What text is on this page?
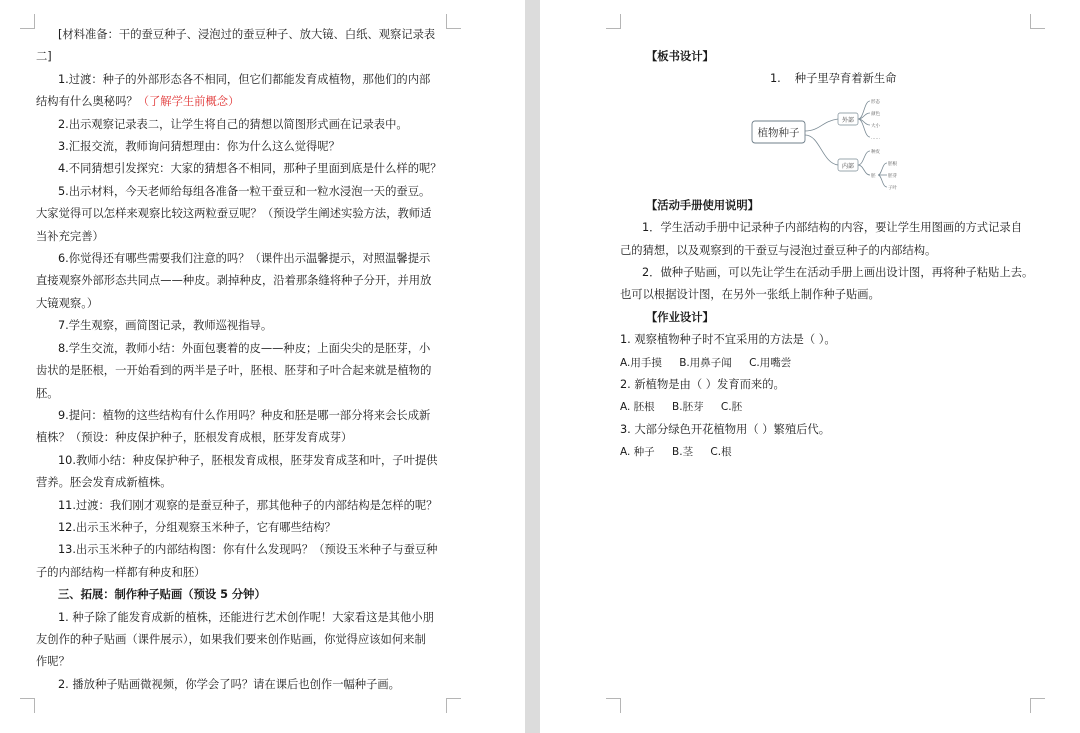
[材料准备：干的蚕豆种子、浸泡过的蚕豆种子、放大镜、白纸、观察记录表

二]

1.过渡：种子的外部形态各不相同，但它们都能发育成植物，那他们的内部

结构有什么奥秘吗？（了解学生前概念）

2.出示观察记录表二，让学生将自己的猜想以简图形式画在记录表中。

3.汇报交流，教师询问猜想理由：你为什么这么觉得呢？

4.不同猜想引发探究：大家的猜想各不相同，那种子里面到底是什么样的呢？

5.出示材料，今天老师给每组各准备一粒干蚕豆和一粒水浸泡一天的蚕豆。

大家觉得可以怎样来观察比较这两粒蚕豆呢？（预设学生阐述实验方法，教师适

当补充完善）

6.你觉得还有哪些需要我们注意的吗？（课件出示温馨提示，对照温馨提示

直接观察外部形态共同点——种皮。剥掉种皮，沿着那条缝将种子分开，并用放

大镜观察。）

7.学生观察，画简图记录，教师巡视指导。

8.学生交流，教师小结：外面包裹着的皮——种皮；上面尖尖的是胚芽，小

齿状的是胚根，一开始看到的两半是子叶，胚根、胚芽和子叶合起来就是植物的

胚。

9.提问：植物的这些结构有什么作用吗？种皮和胚是哪一部分将来会长成新

植株？（预设：种皮保护种子，胚根发育成根，胚芽发育成芽）

10.教师小结：种皮保护种子，胚根发育成根，胚芽发育成茎和叶，子叶提供

营养。胚会发育成新植株。

11.过渡：我们刚才观察的是蚕豆种子，那其他种子的内部结构是怎样的呢？

12.出示玉米种子，分组观察玉米种子，它有哪些结构？

13.出示玉米种子的内部结构图：你有什么发现吗？（预设玉米种子与蚕豆种

子的内部结构一样都有种皮和胚）

三、拓展：制作种子贴画（预设 5 分钟）

1. 种子除了能发育成新的植株，还能进行艺术创作呢！大家看这是其他小朋

友创作的种子贴画（课件展示），如果我们要来创作贴画，你觉得应该如何来制

作呢？

2. 播放种子贴画微视频，你学会了吗？请在课后也创作一幅种子画。

【板书设计】

1. 种子里孕育着新生命

植物种子
外部
内部
形态
颜色
大小
……
种皮
胚
胚根
胚芽
子叶

【活动手册使用说明】

1．学生活动手册中记录种子内部结构的内容，要让学生用图画的方式记录自

己的猜想，以及观察到的干蚕豆与浸泡过蚕豆种子的内部结构。

2．做种子贴画，可以先让学生在活动手册上画出设计图，再将种子粘贴上去。

也可以根据设计图，在另外一张纸上制作种子贴画。

【作业设计】

1. 观察植物种子时不宜采用的方法是（ ）。

A.用手摸 B.用鼻子闻 C.用嘴尝

2. 新植物是由（ ）发育而来的。

A. 胚根 B.胚芽 C.胚

3. 大部分绿色开花植物用（ ）繁殖后代。

A. 种子 B.茎 C.根
